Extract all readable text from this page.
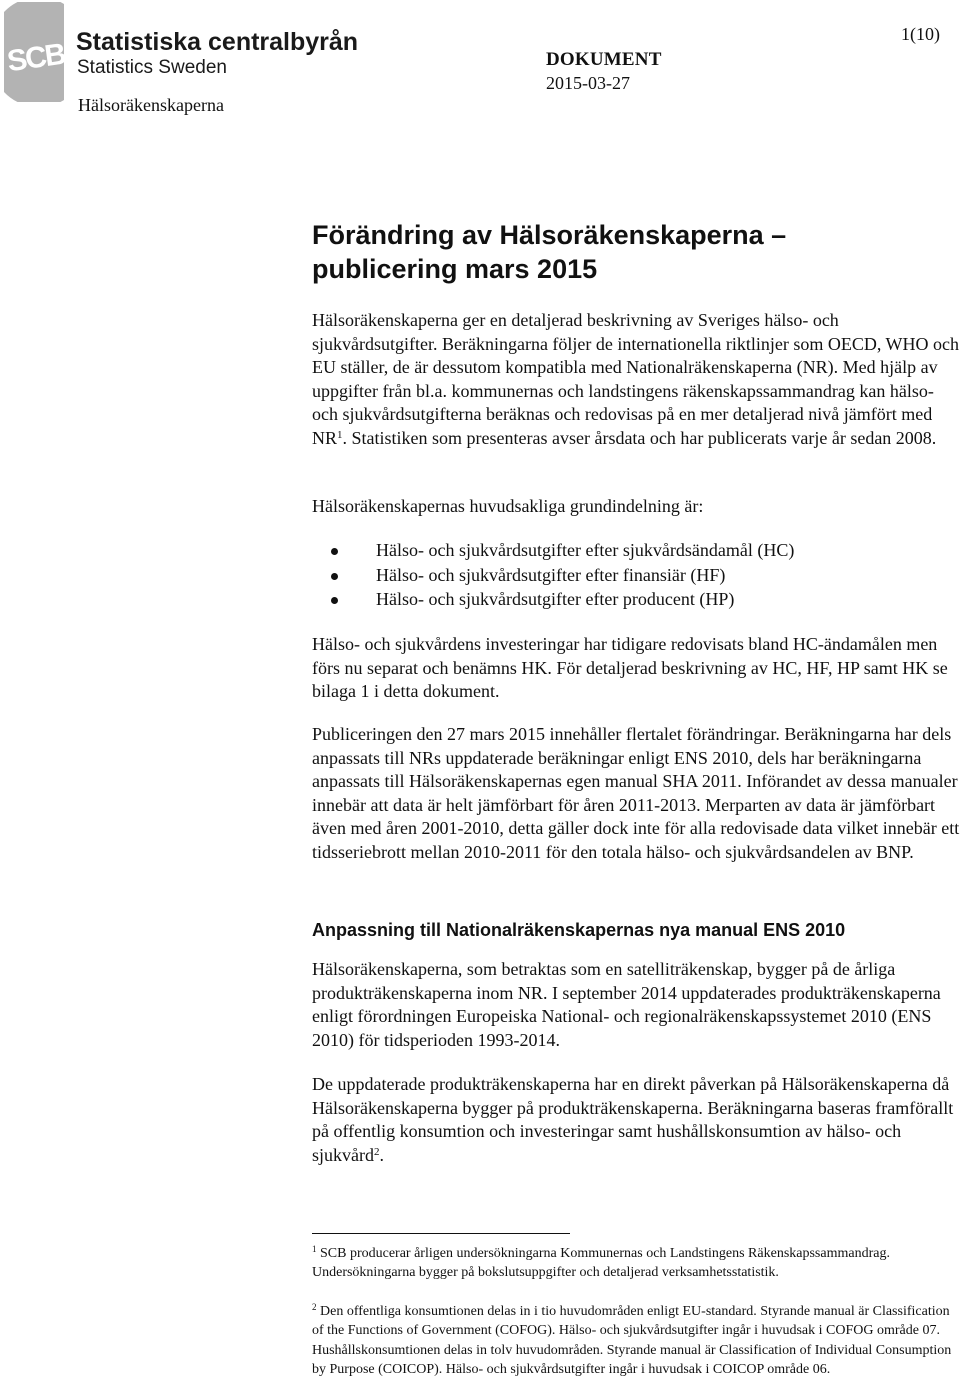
SCB Statistiska centralbyrån
Statistics Sweden
1(10)
DOKUMENT
2015-03-27
Hälsoräkenskaperna
Förändring av Hälsoräkenskaperna –
publicering mars 2015

Hälsoräkenskaperna ger en detaljerad beskrivning av Sveriges hälso- och sjukvårdsutgifter. Beräkningarna följer de internationella riktlinjer som OECD, WHO och EU ställer, de är dessutom kompatibla med Nationalräkenskaperna (NR). Med hjälp av uppgifter från bl.a. kommunernas och landstingens räkenskapssammandrag kan hälso- och sjukvårdsutgifterna beräknas och redovisas på en mer detaljerad nivå jämfört med $NR^1$. Statistiken som presenteras avser årsdata och har publicerats varje år sedan 2008.

Hälsoräkenskapernas huvudsakliga grundindelning är:

Hälso- och sjukvårdsutgifter efter sjukvårdsändamål (HC)
Hälso- och sjukvårdsutgifter efter finansiär (HF)
Hälso- och sjukvårdsutgifter efter producent (HP)

Hälso- och sjukvårdens investeringar har tidigare redovisats bland HC-ändamålen men förs nu separat och benämns HK. För detaljerad beskrivning av HC, HF, HP samt HK se bilaga 1 i detta dokument.

Publiceringen den 27 mars 2015 innehåller flertalet förändringar. Beräkningarna har dels anpassats till NRs uppdaterade beräkningar enligt ENS 2010, dels har beräkningarna anpassats till Hälsoräkenskapernas egen manual SHA 2011. Införandet av dessa manualer innebär att data är helt jämförbart för åren 2011-2013. Merparten av data är jämförbart även med åren 2001-2010, detta gäller dock inte för alla redovisade data vilket innebär ett tidsseriebrott mellan 2010-2011 för den totala hälso- och sjukvårdsandelen av BNP.

Anpassning till Nationalräkenskapernas nya manual ENS 2010

Hälsoräkenskaperna, som betraktas som en satelliträkenskap, bygger på de årliga produkträkenskaperna inom NR. I september 2014 uppdaterades produkträkenskaperna enligt förordningen Europeiska National- och regionalräkenskapssystemet 2010 (ENS 2010) för tidsperioden 1993-2014.

De uppdaterade produkträkenskaperna har en direkt påverkan på Hälsoräkenskaperna då Hälsoräkenskaperna bygger på produkträkenskaperna. Beräkningarna baseras framförallt på offentlig konsumtion och investeringar samt hushållskonsumtion av hälso- och sjukvård$^2$.

$^1$ SCB producerar årligen undersökningarna Kommunernas och Landstingens Räkenskapssammandrag. Undersökningarna bygger på bokslutsuppgifter och detaljerad verksamhetsstatistik.

$^2$ Den offentliga konsumtionen delas in i tio huvudområden enligt EU-standard. Styrande manual är Classification of the Functions of Government (COFOG). Hälso- och sjukvårdsutgifter ingår i huvudsak i COFOG område 07. Hushållskonsumtionen delas in tolv huvudområden. Styrande manual är Classification of Individual Consumption by Purpose (COICOP). Hälso- och sjukvårdsutgifter ingår i huvudsak i COICOP område 06.
